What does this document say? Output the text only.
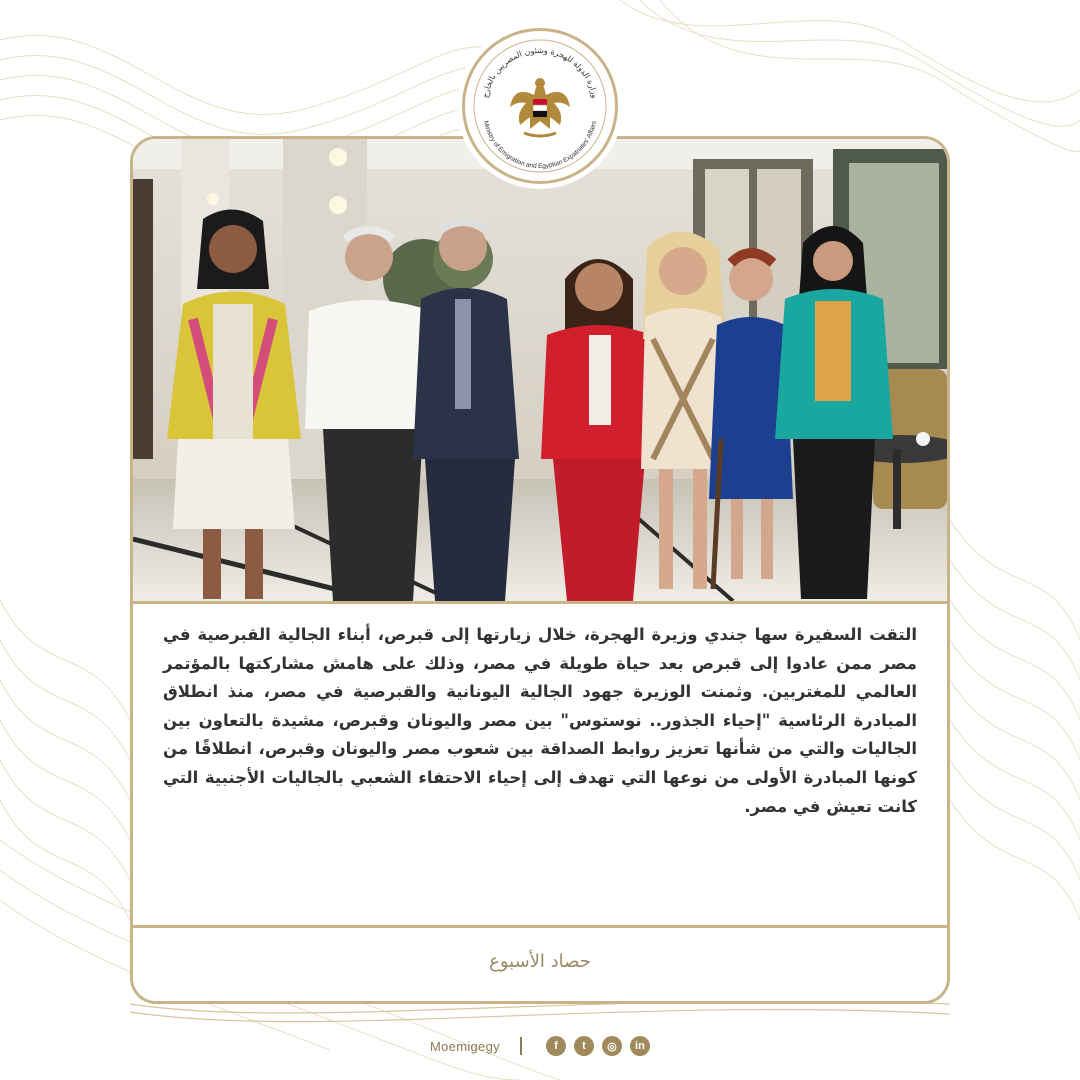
التقت السفيرة سها جندي وزيرة الهجرة، خلال زيارتها إلى قبرص، أبناء الجالية القبرصية في مصر ممن عادوا إلى قبرص بعد حياة طويلة في مصر، وذلك على هامش مشاركتها بالمؤتمر العالمي للمغتربين. وثمنت الوزيرة جهود الجالية اليونانية والقبرصية في مصر، منذ انطلاق المبادرة الرئاسية "إحياء الجذور.. نوستوس" بين مصر واليونان وقبرص، مشيدة بالتعاون بين الجاليات والتي من شأنها تعزيز روابط الصداقة بين شعوب مصر واليونان وقبرص، انطلاقًا من كونها المبادرة الأولى من نوعها التي تهدف إلى إحياء الاحتفاء الشعبي بالجاليات الأجنبية التي كانت تعيش في مصر.
حصاد الأسبوع
وزارة الدولة للهجرة وشئون المصريين بالخارج
Ministry of Emigration and Egyptian Expatriates' Affairs
Moemigegy	f	t	◎	in
